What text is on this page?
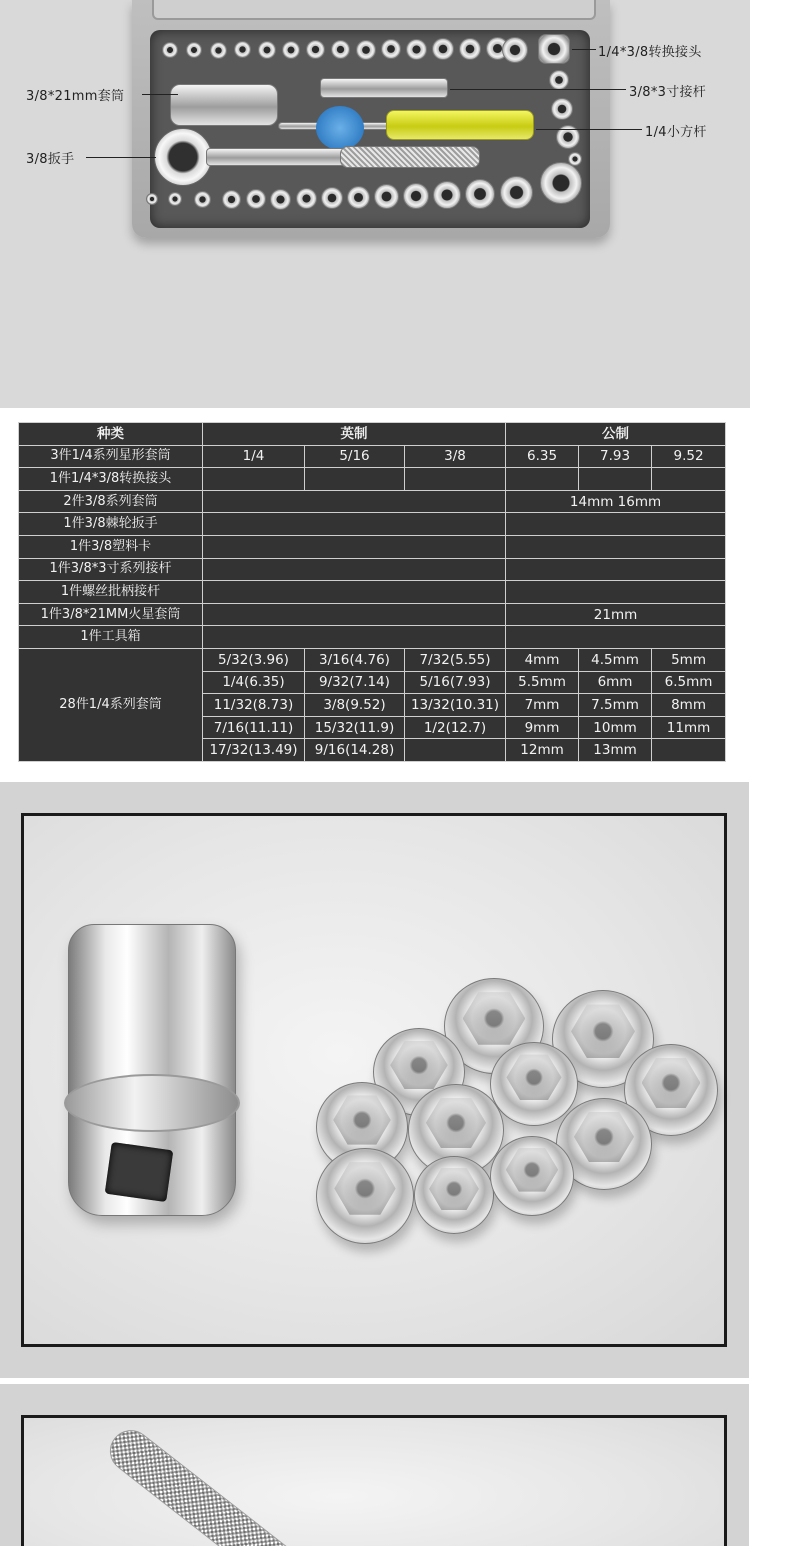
1/4*3/8转换接头
3/8*21mm套筒	3/8*3寸接杆
1/4小方杆
3/8扳手
种类	英制			公制		
3件1/4系列星形套筒	1/4	5/16	3/8	6.35	7.93	9.52
1件1/4*3/8转换接头						
2件3/8系列套筒				14mm 16mm		
1件3/8棘轮扳手						
1件3/8塑料卡						
1件3/8*3寸系列接杆						
1件螺丝批柄接杆						
1件3/8*21MM火星套筒				21mm		
1件工具箱						
28件1/4系列套筒	5/32(3.96)	3/16(4.76)	7/32(5.55)	4mm	4.5mm	5mm
	1/4(6.35)	9/32(7.14)	5/16(7.93)	5.5mm	6mm	6.5mm
	11/32(8.73)	3/8(9.52)	13/32(10.31)	7mm	7.5mm	8mm
	7/16(11.11)	15/32(11.9)	1/2(12.7)	9mm	10mm	11mm
	17/32(13.49)	9/16(14.28)		12mm	13mm	
